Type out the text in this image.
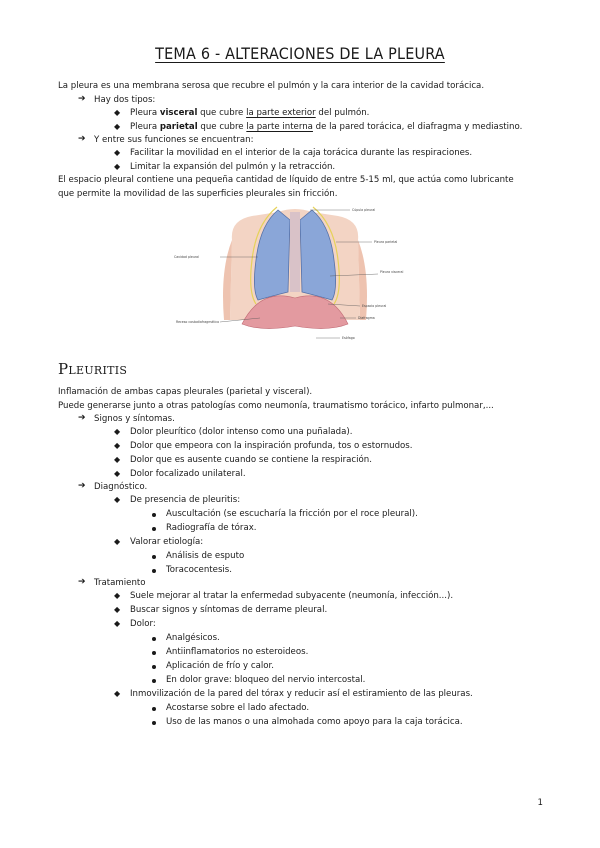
TEMA 6 - ALTERACIONES DE LA PLEURA
La pleura es una membrana serosa que recubre el pulmón y la cara interior de la cavidad torácica.
➔ Hay dos tipos:
◆ Pleura visceral que cubre la parte exterior del pulmón.
◆ Pleura parietal que cubre la parte interna de la pared torácica, el diafragma y mediastino.
➔ Y entre sus funciones se encuentran:
◆ Facilitar la movilidad en el interior de la caja torácica durante las respiraciones.
◆ Limitar la expansión del pulmón y la retracción.
El espacio pleural contiene una pequeña cantidad de líquido de entre 5-15 ml, que actúa como lubricante
que permite la movilidad de las superficies pleurales sin fricción.
Cavidad pleural
Receso costodiafragmático
Cúpula pleural
Pleura parietal
Pleura visceral
Espacio pleural
Diafragma
Esófago
Pleuritis
Inflamación de ambas capas pleurales (parietal y visceral).
Puede generarse junto a otras patologías como neumonía, traumatismo torácico, infarto pulmonar,...
➔ Signos y síntomas.
◆ Dolor pleurítico (dolor intenso como una puñalada).
◆ Dolor que empeora con la inspiración profunda, tos o estornudos.
◆ Dolor que es ausente cuando se contiene la respiración.
◆ Dolor focalizado unilateral.
➔ Diagnóstico.
◆ De presencia de pleuritis:
Auscultación (se escucharía la fricción por el roce pleural).
Radiografía de tórax.
◆ Valorar etiología:
Análisis de esputo
Toracocentesis.
➔ Tratamiento
◆ Suele mejorar al tratar la enfermedad subyacente (neumonía, infección...).
◆ Buscar signos y síntomas de derrame pleural.
◆ Dolor:
Analgésicos.
Antiinflamatorios no esteroideos.
Aplicación de frío y calor.
En dolor grave: bloqueo del nervio intercostal.
◆ Inmovilización de la pared del tórax y reducir así el estiramiento de las pleuras.
Acostarse sobre el lado afectado.
Uso de las manos o una almohada como apoyo para la caja torácica.
1
